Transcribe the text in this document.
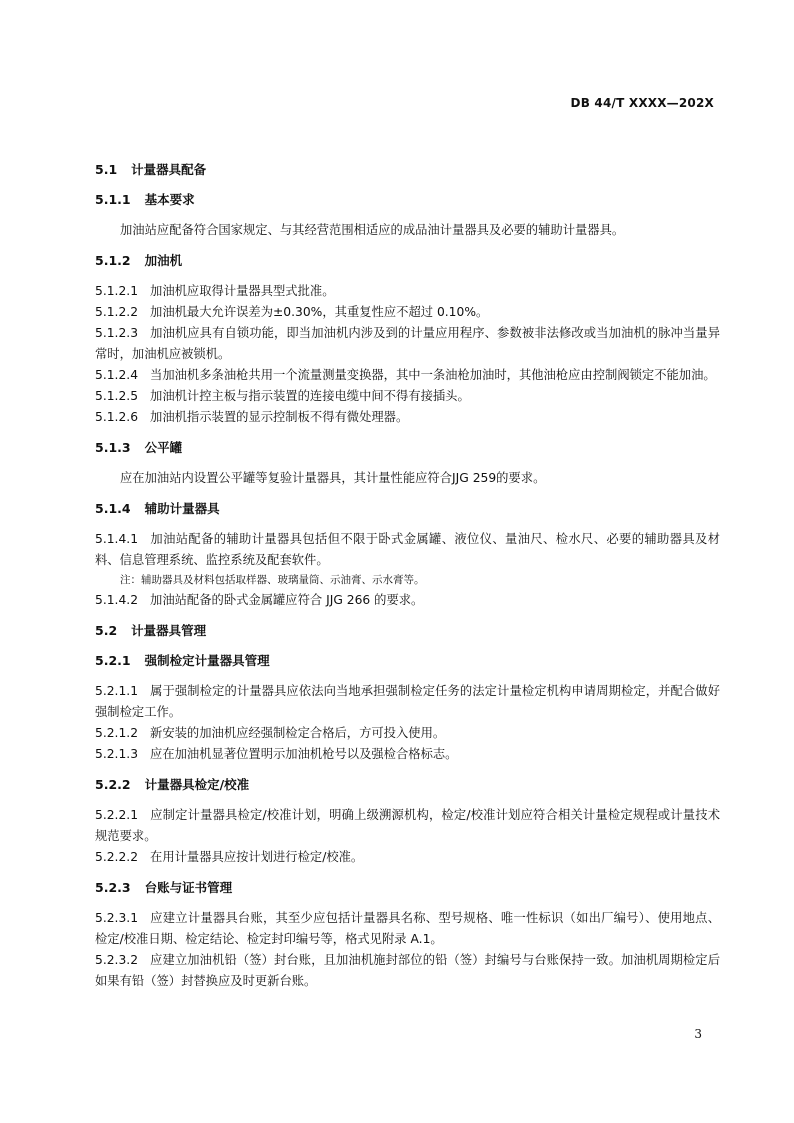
DB 44/T XXXX—202X

5.1 计量器具配备

5.1.1 基本要求

加油站应配备符合国家规定、与其经营范围相适应的成品油计量器具及必要的辅助计量器具。

5.1.2 加油机

5.1.2.1 加油机应取得计量器具型式批准。

5.1.2.2 加油机最大允许误差为±0.30%，其重复性应不超过 0.10%。

5.1.2.3 加油机应具有自锁功能，即当加油机内涉及到的计量应用程序、参数被非法修改或当加油机的脉冲当量异常时，加油机应被锁机。

5.1.2.4 当加油机多条油枪共用一个流量测量变换器，其中一条油枪加油时，其他油枪应由控制阀锁定不能加油。

5.1.2.5 加油机计控主板与指示装置的连接电缆中间不得有接插头。

5.1.2.6 加油机指示装置的显示控制板不得有微处理器。

5.1.3 公平罐

应在加油站内设置公平罐等复验计量器具，其计量性能应符合JJG 259的要求。

5.1.4 辅助计量器具

5.1.4.1 加油站配备的辅助计量器具包括但不限于卧式金属罐、液位仪、量油尺、检水尺、必要的辅助器具及材料、信息管理系统、监控系统及配套软件。

注：辅助器具及材料包括取样器、玻璃量筒、示油膏、示水膏等。

5.1.4.2 加油站配备的卧式金属罐应符合 JJG 266 的要求。

5.2 计量器具管理

5.2.1 强制检定计量器具管理

5.2.1.1 属于强制检定的计量器具应依法向当地承担强制检定任务的法定计量检定机构申请周期检定，并配合做好强制检定工作。

5.2.1.2 新安装的加油机应经强制检定合格后，方可投入使用。

5.2.1.3 应在加油机显著位置明示加油机枪号以及强检合格标志。

5.2.2 计量器具检定/校准

5.2.2.1 应制定计量器具检定/校准计划，明确上级溯源机构，检定/校准计划应符合相关计量检定规程或计量技术规范要求。

5.2.2.2 在用计量器具应按计划进行检定/校准。

5.2.3 台账与证书管理

5.2.3.1 应建立计量器具台账，其至少应包括计量器具名称、型号规格、唯一性标识（如出厂编号）、使用地点、检定/校准日期、检定结论、检定封印编号等，格式见附录 A.1。

5.2.3.2 应建立加油机铅（签）封台账，且加油机施封部位的铅（签）封编号与台账保持一致。加油机周期检定后如果有铅（签）封替换应及时更新台账。

3
